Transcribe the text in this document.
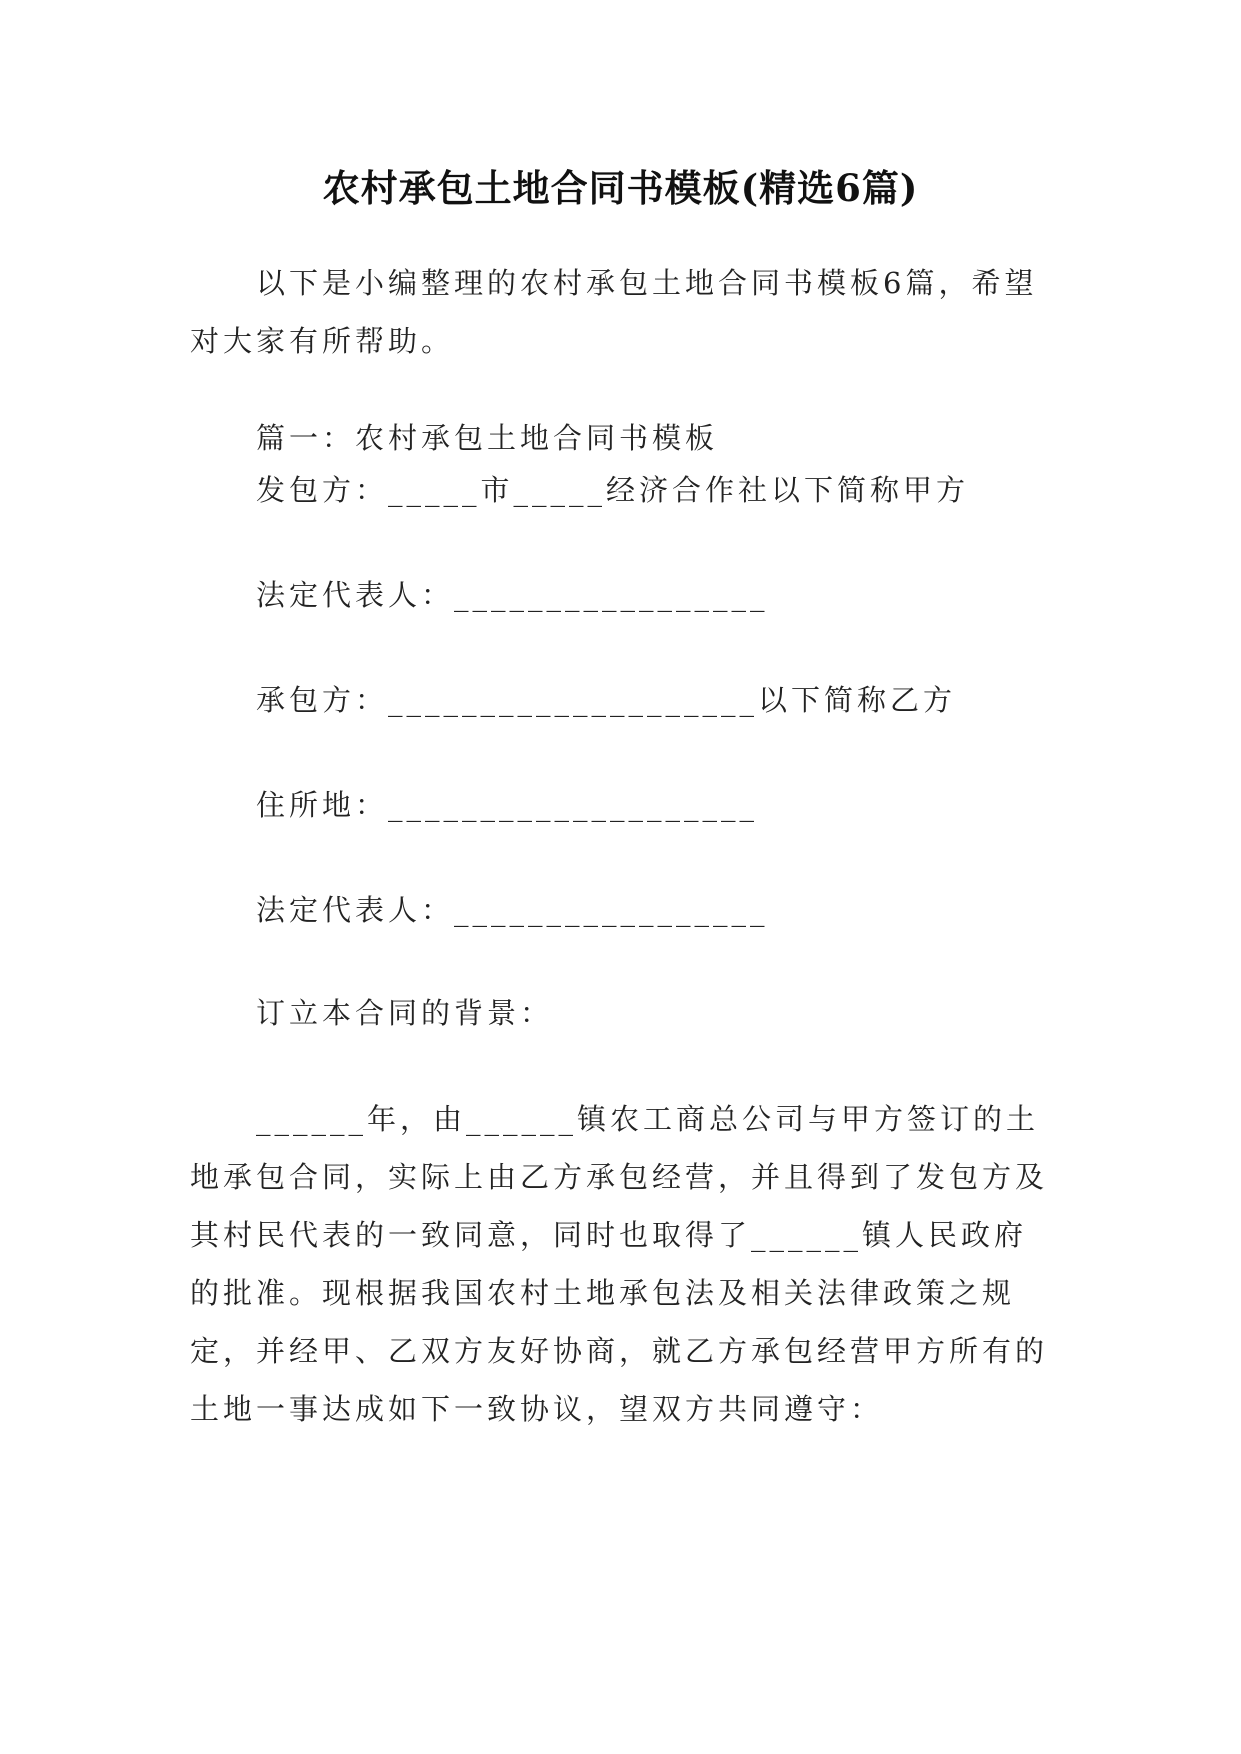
农村承包土地合同书模板(精选6篇)
以下是小编整理的农村承包土地合同书模板6篇，希望对大家有所帮助。
篇一：农村承包土地合同书模板
发包方：_____市_____经济合作社以下简称甲方
法定代表人：_________________
承包方：____________________以下简称乙方
住所地：____________________
法定代表人：_________________
订立本合同的背景：
______年，由______镇农工商总公司与甲方签订的土地承包合同，实际上由乙方承包经营，并且得到了发包方及其村民代表的一致同意，同时也取得了______镇人民政府的批准。现根据我国农村土地承包法及相关法律政策之规定，并经甲、乙双方友好协商，就乙方承包经营甲方所有的土地一事达成如下一致协议，望双方共同遵守：
